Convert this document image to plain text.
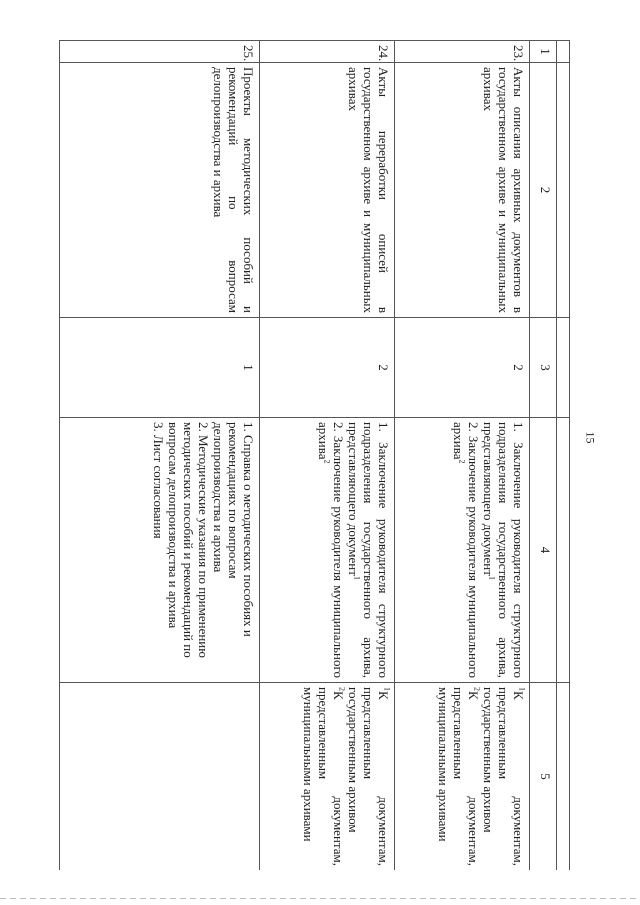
15

1	2	3	4	5
23.	Акты описания архивных документов в государственном архиве и муниципальных архивах	2	1. Заключение руководителя структурного подразделения государственного архива, представляющего документ$^1$
2. Заключение руководителя муниципального архива$^2$	$^1$К документам, представленным государственным архивом
$^2$К документам, представленным муниципальными архивами

24.	Акты переработки описей в государственном архиве и муниципальных архивах	2	1. Заключение руководителя структурного подразделения государственного архива, представляющего документ$^1$
2. Заключение руководителя муниципального архива$^2$	$^1$К документам, представленным государственным архивом
$^2$К документам, представленным муниципальными архивами

25.	Проекты методических пособий и рекомендаций по вопросам делопроизводства и архива	1	1. Справка о методических пособиях и рекомендациях по вопросам делопроизводства и архива
2. Методические указания по применению методических пособий и рекомендаций по вопросам делопроизводства и архива
3. Лист согласования	
